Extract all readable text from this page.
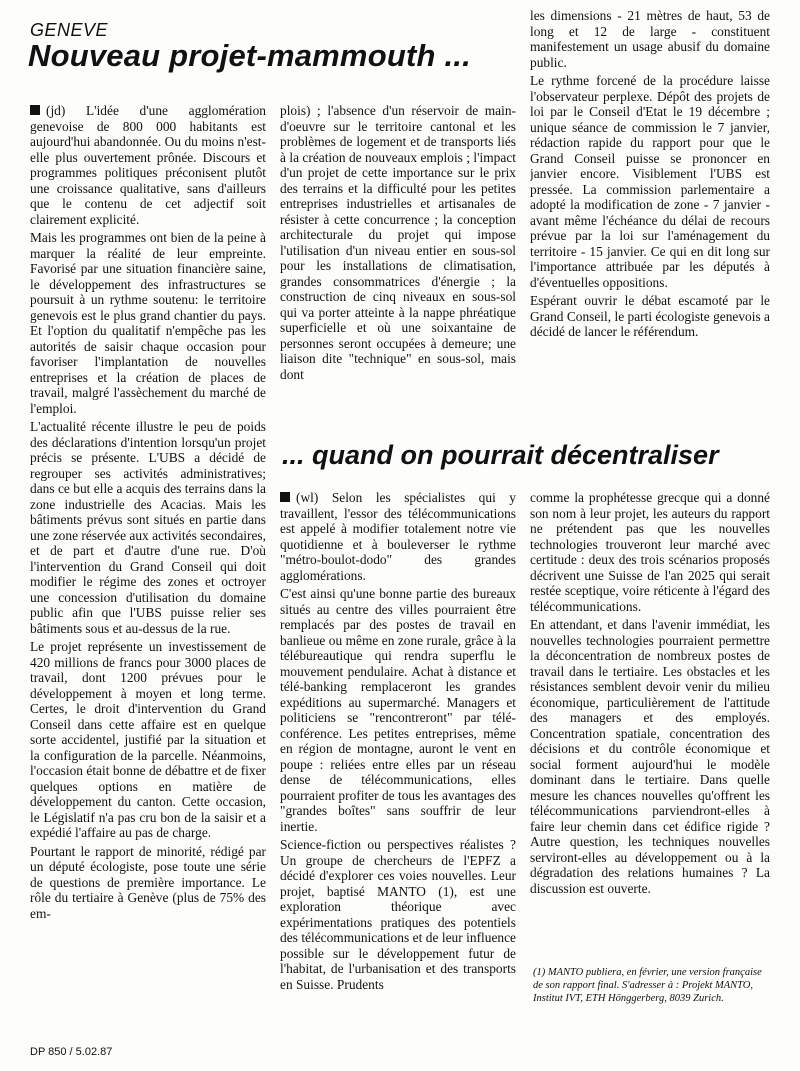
GENEVE
Nouveau projet-mammouth ...

(jd) L'idée d'une agglomération genevoise de 800 000 habitants est aujourd'hui abandonnée. Ou du moins n'est-elle plus ouvertement prônée. Discours et programmes politiques préconisent plutôt une croissance qualitative, sans d'ailleurs que le contenu de cet adjectif soit clairement explicité.

Mais les programmes ont bien de la peine à marquer la réalité de leur empreinte. Favorisé par une situation financière saine, le développement des infrastructures se poursuit à un rythme soutenu: le territoire genevois est le plus grand chantier du pays. Et l'option du qualitatif n'empêche pas les autorités de saisir chaque occasion pour favoriser l'implantation de nouvelles entreprises et la création de places de travail, malgré l'assèchement du marché de l'emploi.

L'actualité récente illustre le peu de poids des déclarations d'intention lorsqu'un projet précis se présente. L'UBS a décidé de regrouper ses activités administratives; dans ce but elle a acquis des terrains dans la zone industrielle des Acacias. Mais les bâtiments prévus sont situés en partie dans une zone réservée aux activités secondaires, et de part et d'autre d'une rue. D'où l'intervention du Grand Conseil qui doit modifier le régime des zones et octroyer une concession d'utilisation du domaine public afin que l'UBS puisse relier ses bâtiments sous et au-dessus de la rue.

Le projet représente un investissement de 420 millions de francs pour 3000 places de travail, dont 1200 prévues pour le développement à moyen et long terme. Certes, le droit d'intervention du Grand Conseil dans cette affaire est en quelque sorte accidentel, justifié par la situation et la configuration de la parcelle. Néanmoins, l'occasion était bonne de débattre et de fixer quelques options en matière de développement du canton. Cette occasion, le Législatif n'a pas cru bon de la saisir et a expédié l'affaire au pas de charge.

Pourtant le rapport de minorité, rédigé par un député écologiste, pose toute une série de questions de première importance. Le rôle du tertiaire à Genève (plus de 75% des em-

plois) ; l'absence d'un réservoir de main-d'oeuvre sur le territoire cantonal et les problèmes de logement et de transports liés à la création de nouveaux emplois ; l'impact d'un projet de cette importance sur le prix des terrains et la difficulté pour les petites entreprises industrielles et artisanales de résister à cette concurrence ; la conception architecturale du projet qui impose l'utilisation d'un niveau entier en sous-sol pour les installations de climatisation, grandes consommatrices d'énergie ; la construction de cinq niveaux en sous-sol qui va porter atteinte à la nappe phréatique superficielle et où une soixantaine de personnes seront occupées à demeure; une liaison dite "technique" en sous-sol, mais dont

les dimensions - 21 mètres de haut, 53 de long et 12 de large - constituent manifestement un usage abusif du domaine public.

Le rythme forcené de la procédure laisse l'observateur perplexe. Dépôt des projets de loi par le Conseil d'Etat le 19 décembre ; unique séance de commission le 7 janvier, rédaction rapide du rapport pour que le Grand Conseil puisse se prononcer en janvier encore. Visiblement l'UBS est pressée. La commission parlementaire a adopté la modification de zone - 7 janvier - avant même l'échéance du délai de recours prévue par la loi sur l'aménagement du territoire - 15 janvier. Ce qui en dit long sur l'importance attribuée par les députés à d'éventuelles oppositions.

Espérant ouvrir le débat escamoté par le Grand Conseil, le parti écologiste genevois a décidé de lancer le référendum.

... quand on pourrait décentraliser

(wl) Selon les spécialistes qui y travaillent, l'essor des télécommunications est appelé à modifier totalement notre vie quotidienne et à bouleverser le rythme "métro-boulot-dodo" des grandes agglomérations.

C'est ainsi qu'une bonne partie des bureaux situés au centre des villes pourraient être remplacés par des postes de travail en banlieue ou même en zone rurale, grâce à la télébureautique qui rendra superflu le mouvement pendulaire. Achat à distance et télé-banking remplaceront les grandes expéditions au supermarché. Managers et politiciens se "rencontreront" par télé-conférence. Les petites entreprises, même en région de montagne, auront le vent en poupe : reliées entre elles par un réseau dense de télécommunications, elles pourraient profiter de tous les avantages des "grandes boîtes" sans souffrir de leur inertie.

Science-fiction ou perspectives réalistes ? Un groupe de chercheurs de l'EPFZ a décidé d'explorer ces voies nouvelles. Leur projet, baptisé MANTO (1), est une exploration théorique avec expérimentations pratiques des potentiels des télécommunications et de leur influence possible sur le développement futur de l'habitat, de l'urbanisation et des transports en Suisse. Prudents

comme la prophétesse grecque qui a donné son nom à leur projet, les auteurs du rapport ne prétendent pas que les nouvelles technologies trouveront leur marché avec certitude : deux des trois scénarios proposés décrivent une Suisse de l'an 2025 qui serait restée sceptique, voire réticente à l'égard des télécommunications.

En attendant, et dans l'avenir immédiat, les nouvelles technologies pourraient permettre la déconcentration de nombreux postes de travail dans le tertiaire. Les obstacles et les résistances semblent devoir venir du milieu économique, particulièrement de l'attitude des managers et des employés. Concentration spatiale, concentration des décisions et du contrôle économique et social forment aujourd'hui le modèle dominant dans le tertiaire. Dans quelle mesure les chances nouvelles qu'offrent les télécommunications parviendront-elles à faire leur chemin dans cet édifice rigide ? Autre question, les techniques nouvelles serviront-elles au développement ou à la dégradation des relations humaines ? La discussion est ouverte.

(1) MANTO publiera, en février, une version française de son rapport final. S'adresser à : Projekt MANTO, Institut IVT, ETH Hönggerberg, 8039 Zurich.
DP 850 / 5.02.87
